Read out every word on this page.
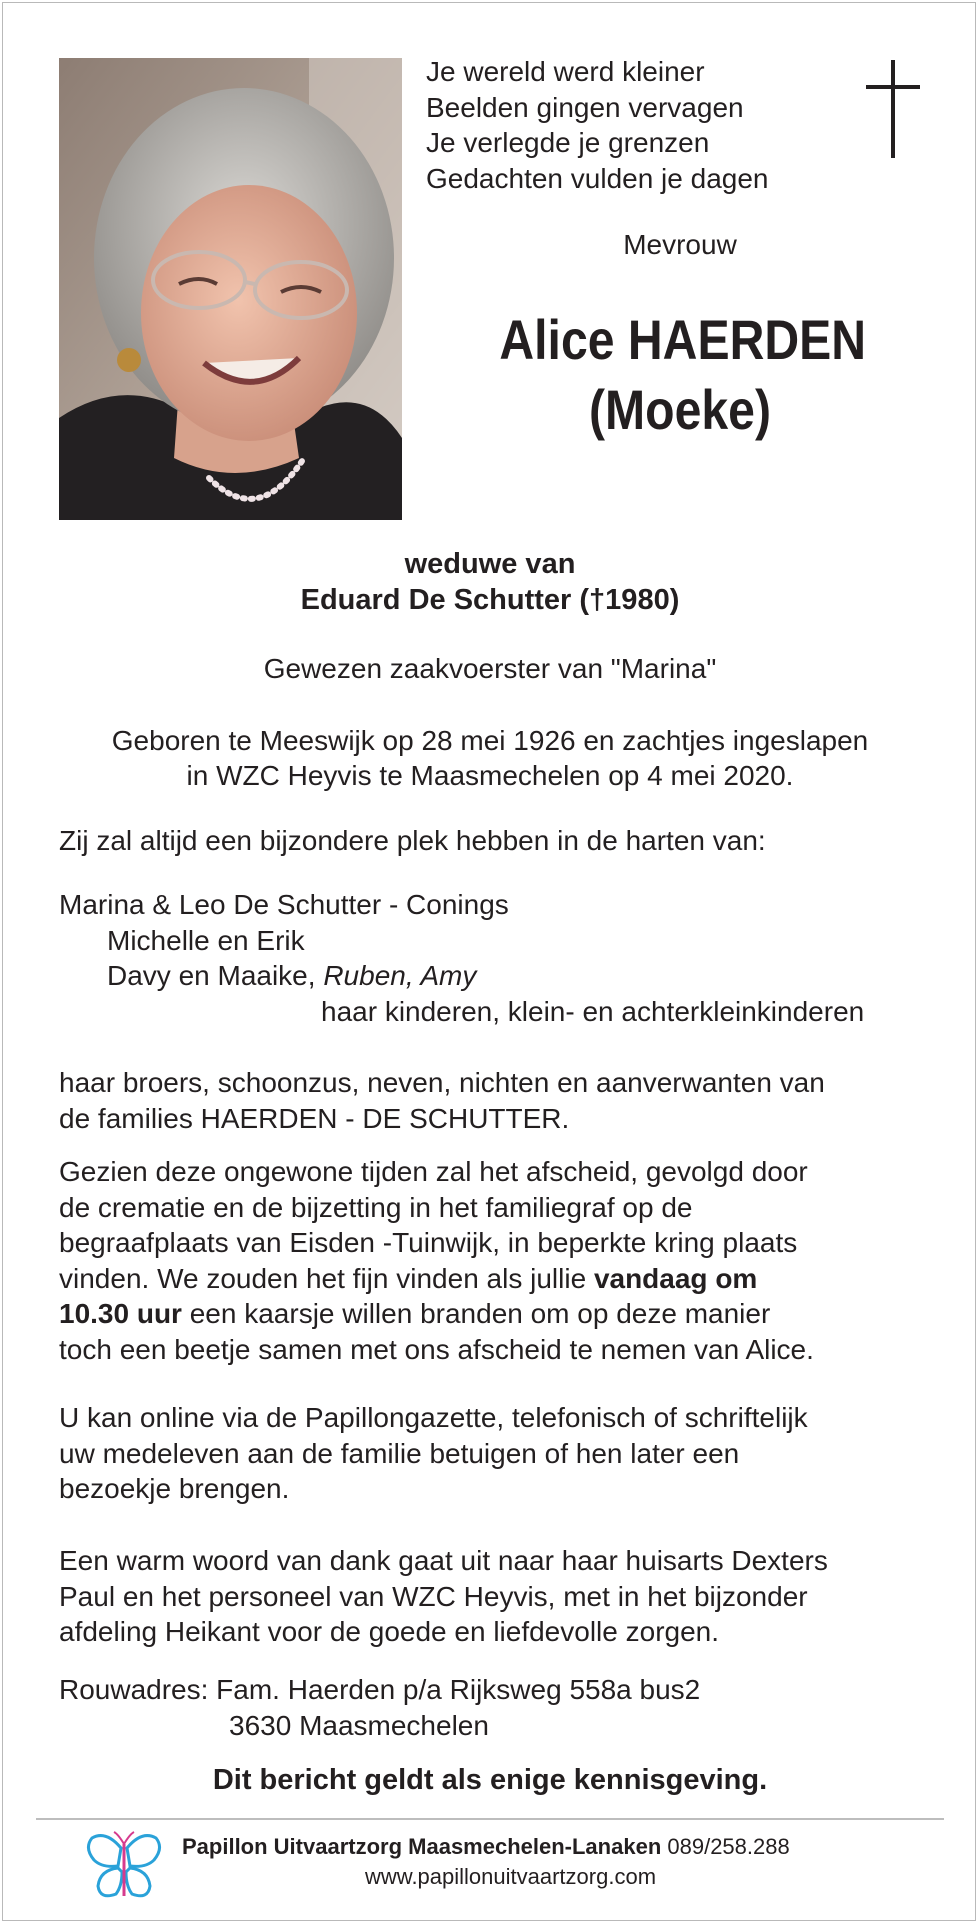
Je wereld werd kleiner
Beelden gingen vervagen
Je verlegde je grenzen
Gedachten vulden je dagen
Mevrouw
Alice HAERDEN
(Moeke)
weduwe van
Eduard De Schutter (†1980)
Gewezen zaakvoerster van "Marina"
Geboren te Meeswijk op 28 mei 1926 en zachtjes ingeslapen
in WZC Heyvis te Maasmechelen op 4 mei 2020.
Zij zal altijd een bijzondere plek hebben in de harten van:
Marina & Leo De Schutter - Conings
Michelle en Erik
Davy en Maaike, Ruben, Amy
haar kinderen, klein- en achterkleinkinderen
haar broers, schoonzus, neven, nichten en aanverwanten van
de families HAERDEN - DE SCHUTTER.
Gezien deze ongewone tijden zal het afscheid, gevolgd door
de crematie en de bijzetting in het familiegraf op de
begraafplaats van Eisden -Tuinwijk, in beperkte kring plaats
vinden. We zouden het fijn vinden als jullie vandaag om
10.30 uur een kaarsje willen branden om op deze manier
toch een beetje samen met ons afscheid te nemen van Alice.
U kan online via de Papillongazette, telefonisch of schriftelijk
uw medeleven aan de familie betuigen of hen later een
bezoekje brengen.
Een warm woord van dank gaat uit naar haar huisarts Dexters
Paul en het personeel van WZC Heyvis, met in het bijzonder
afdeling Heikant voor de goede en liefdevolle zorgen.
Rouwadres: Fam. Haerden p/a Rijksweg 558a bus2
3630 Maasmechelen
Dit bericht geldt als enige kennisgeving.
Papillon Uitvaartzorg Maasmechelen-Lanaken 089/258.288
www.papillonuitvaartzorg.com
